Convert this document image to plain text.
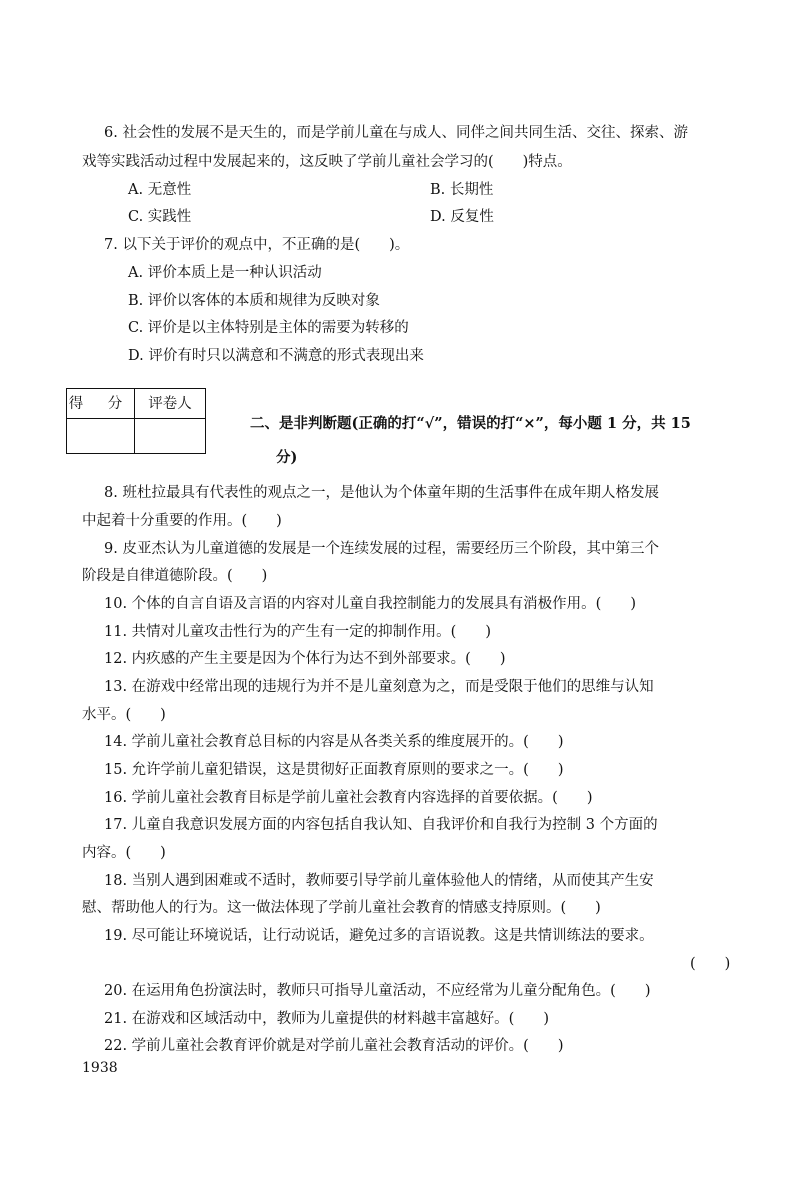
6. 社会性的发展不是天生的，而是学前儿童在与成人、同伴之间共同生活、交往、探索、游
戏等实践活动过程中发展起来的，这反映了学前儿童社会学习的(　　)特点。
A. 无意性	B. 长期性
C. 实践性	D. 反复性
7. 以下关于评价的观点中，不正确的是(　　)。
A. 评价本质上是一种认识活动
B. 评价以客体的本质和规律为反映对象
C. 评价是以主体特别是主体的需要为转移的
D. 评价有时只以满意和不满意的形式表现出来
得 分	评卷人
二、是非判断题(正确的打“√”，错误的打“×”，每小题 1 分，共 15
分)
8. 班杜拉最具有代表性的观点之一，是他认为个体童年期的生活事件在成年期人格发展
中起着十分重要的作用。(　　)
9. 皮亚杰认为儿童道德的发展是一个连续发展的过程，需要经历三个阶段，其中第三个
阶段是自律道德阶段。(　　)
10. 个体的自言自语及言语的内容对儿童自我控制能力的发展具有消极作用。(　　)
11. 共情对儿童攻击性行为的产生有一定的抑制作用。(　　)
12. 内疚感的产生主要是因为个体行为达不到外部要求。(　　)
13. 在游戏中经常出现的违规行为并不是儿童刻意为之，而是受限于他们的思维与认知
水平。(　　)
14. 学前儿童社会教育总目标的内容是从各类关系的维度展开的。(　　)
15. 允许学前儿童犯错误，这是贯彻好正面教育原则的要求之一。(　　)
16. 学前儿童社会教育目标是学前儿童社会教育内容选择的首要依据。(　　)
17. 儿童自我意识发展方面的内容包括自我认知、自我评价和自我行为控制 3 个方面的
内容。(　　)
18. 当别人遇到困难或不适时，教师要引导学前儿童体验他人的情绪，从而使其产生安
慰、帮助他人的行为。这一做法体现了学前儿童社会教育的情感支持原则。(　　)
19. 尽可能让环境说话，让行动说话，避免过多的言语说教。这是共情训练法的要求。
(　　)
20. 在运用角色扮演法时，教师只可指导儿童活动，不应经常为儿童分配角色。(　　)
21. 在游戏和区域活动中，教师为儿童提供的材料越丰富越好。(　　)
22. 学前儿童社会教育评价就是对学前儿童社会教育活动的评价。(　　)
1938
